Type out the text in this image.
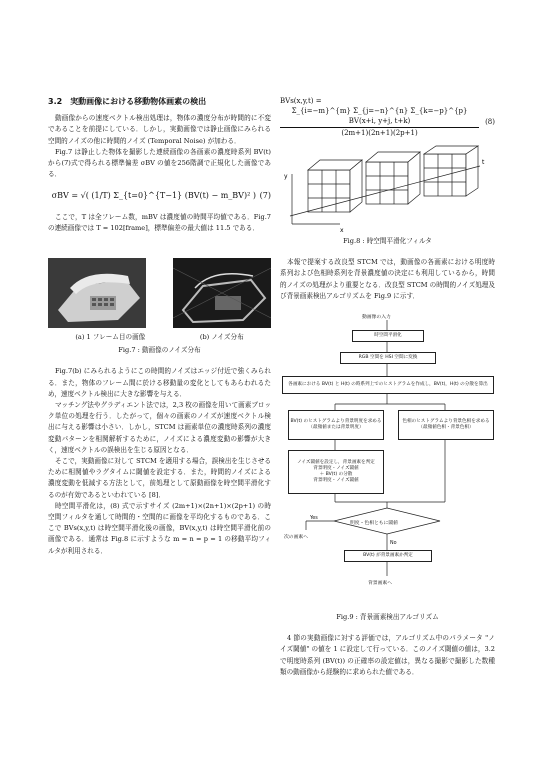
3.2　実動画像における移動物体画素の検出

動画像からの速度ベクトル検出処理は，物体の濃度分布が時間的に不変であることを前提にしている．しかし，実動画像では静止画像にみられる空間的ノイズの他に時間的ノイズ (Temporal Noise) が加わる．

Fig.7 は静止した物体を撮影した連続画像の各画素の濃度時系列 BV(t) から(7)式で得られる標準偏差 σBV の値を256階調で正規化した画像である．

σBV = √( (1/T) Σ_{t=0}^{T−1} (BV(t) − m_BV)² ) (7)

ここで，T は全フレーム数，mBV は濃度値の時間平均値である．Fig.7 の連続画像では T = 102[frame]，標準偏差の最大値は 11.5 である．

(a) 1 フレーム目の画像	(b) ノイズ分布
Fig.7 : 動画像のノイズ分布

Fig.7(b) にみられるようにこの時間的ノイズはエッジ付近で強くみられる．また，物体のフレーム間に於ける移動量の変化としてもあらわれるため，速度ベクトル検出に大きな影響を与える．

マッチング法やグラディエント法では，2,3 枚の画像を用いて画素ブロック単位の処理を行う．したがって，個々の画素のノイズが速度ベクトル検出に与える影響は小さい．しかし，STCM は画素単位の濃度時系列の濃度変動パターンを相関解析するために，ノイズによる濃度変動の影響が大きく，速度ベクトルの誤検出を生じる原因となる．

そこで，実動画像に対して STCM を適用する場合，誤検出を生じさせるために相関値やラグタイムに閾値を設定する．また，時間的ノイズによる濃度変動を低減する方法として，前処理として原動画像を時空間平滑化するのが有効であるといわれている [8]．

時空間平滑化は，(8) 式で示すサイズ (2m+1)×(2n+1)×(2p+1) の時空間フィルタを通して時間的・空間的に画像を平均化するものである．ここで BVs(x,y,t) は時空間平滑化後の画像，BV(x,y,t) は時空間平滑化前の画像である．通常は Fig.8 に示すような m = n = p = 1 の移動平均フィルタが利用される．

BVs(x,y,t) =
$\frac{\Sigma\_\{i=-m\}\^{}\{m\} \Sigma\_\{j=-n\}\^{}\{n\} \Sigma\_\{k=-p\}\^{}\{p\} BV(x+i, y+j, t+k)}{(2m+1)(2n+1)(2p+1)} (8)$
y
x
t
Fig.8 : 時空間平滑化フィルタ

本報で提案する改良型 STCM では，動画像の各画素における明度時系列および色相時系列を背景濃度値の決定にも利用しているから，時間的ノイズの処理がより重要となる．改良型 STCM の時間的ノイズ処理及び背景画素検出アルゴリズムを Fig.9 に示す．

動画像の入力
時空間平滑化
RGB 空間を HSI 空間に変換
各画素における BV(t) と H(t) の時系列上でのヒストグラムを作成し，BV(t)，H(t) の分散を算出
BV(t) のヒストグラムより背景明度を求める（最頻値または背景明度）
色相のヒストグラムより背景色相を求める（最頻値色相・背景色相）
ノイズ閾値を設定し，背景画素を判定
背景明度・ノイズ閾値
＋ BV(t) の分散
背景明度・ノイズ閾値
明度・色相ともに閾値
Yes
No
次の画素へ
BV(t) が背景画素か判定
背景画素へ
Fig.9 : 背景画素検出アルゴリズム

4 節の実動画像に対する評価では，アルゴリズム中のパラメータ "ノイズ閾値" の値を 1 に設定して行っている．このノイズ閾値の値は，3.2 で明度時系列 (BV(t)) の正確率の設定値は，異なる撮影で撮影した数種類の動画像から経験的に求められた値である．
